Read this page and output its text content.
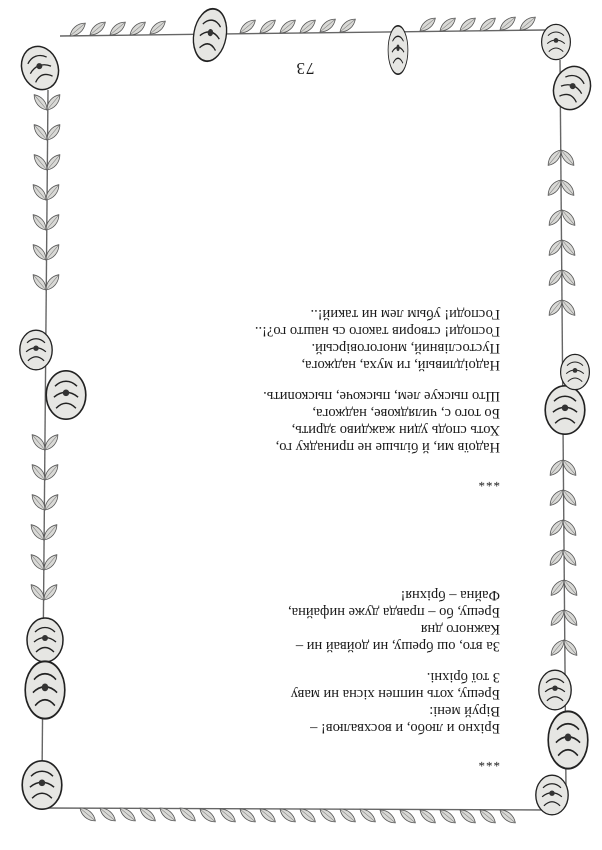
***
Бріхно и любо, и восхвалюв! –
Віруй мені:
Брешу, хоть ниппен хісна ни маву
З тої бріхні.
За вто, ош брешу, ни дойвай ни –
Кажного дня
Брешу, бо – правда дуже нифайна,
Файна – бріхня!
***
Надоїв ми, й більше не принадку го,
Хоть сподь удин жаждиво здрить,
Бо того с, чилядкове, наджога,
Што пыскуе лем, пыскоче, пыскоnить.
Надоідливый, ги муха, наджога,
Пустослівний, многоговірсый.
Господи! створив такого сь наштo го?!..
Господи! убым лем ни такий!..
73
